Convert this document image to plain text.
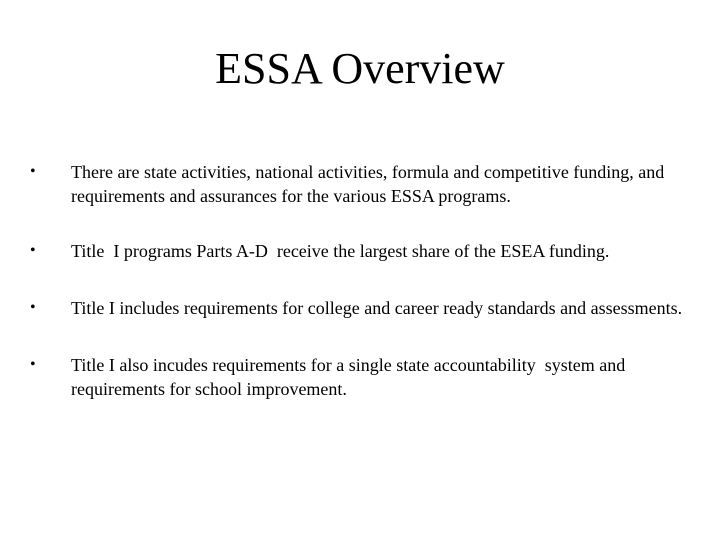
ESSA Overview
• There are state activities, national activities, formula and competitive funding, and requirements and assurances for the various ESSA programs.
• Title  I programs Parts A-D  receive the largest share of the ESEA funding.
• Title I includes requirements for college and career ready standards and assessments.
• Title I also incudes requirements for a single state accountability  system and requirements for school improvement.
